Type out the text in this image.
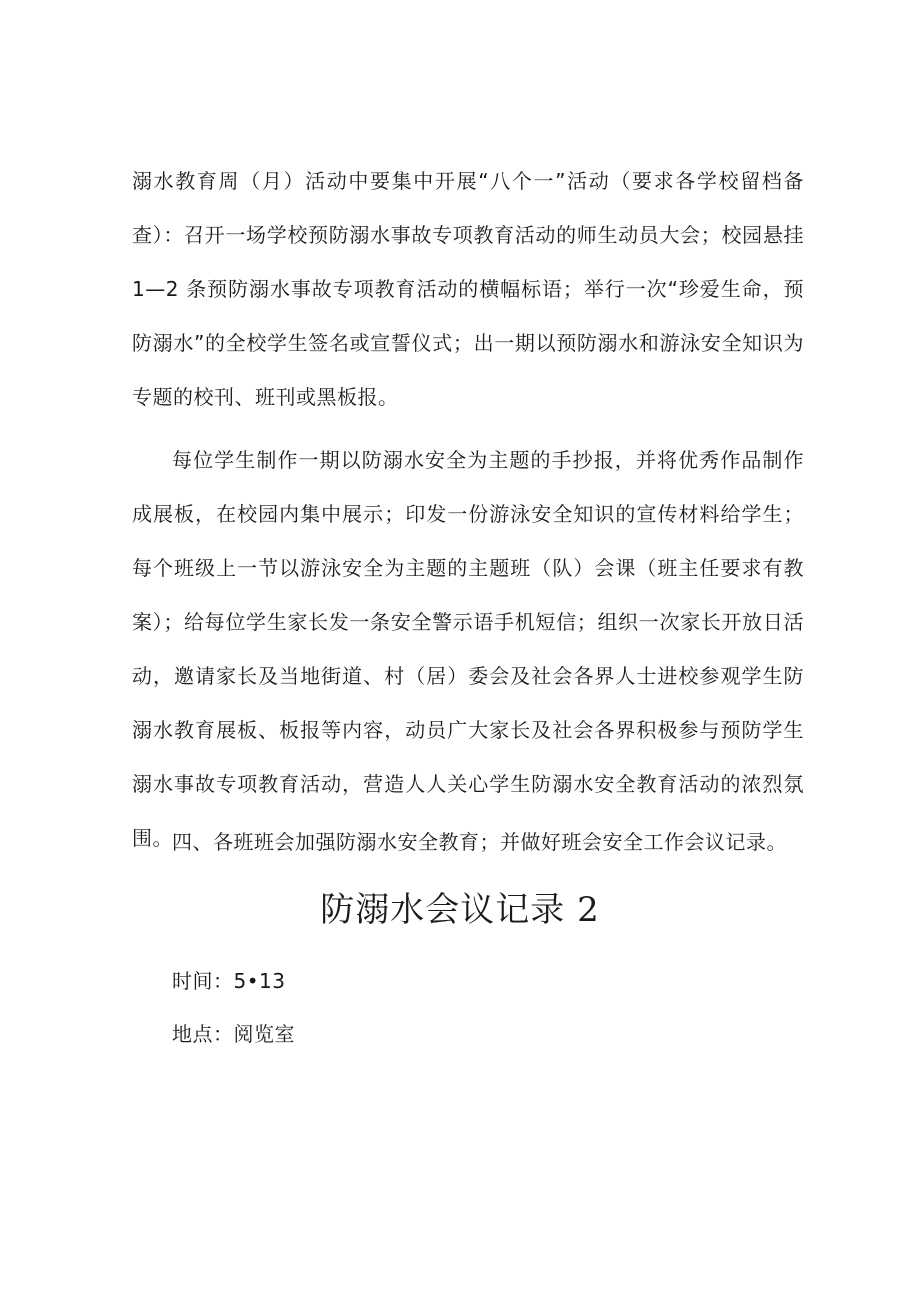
溺水教育周（月）活动中要集中开展“八个一”活动（要求各学校留档备查）：召开一场学校预防溺水事故专项教育活动的师生动员大会；校园悬挂 1—2 条预防溺水事故专项教育活动的横幅标语；举行一次“珍爱生命，预防溺水”的全校学生签名或宣誓仪式；出一期以预防溺水和游泳安全知识为专题的校刊、班刊或黑板报。

每位学生制作一期以防溺水安全为主题的手抄报，并将优秀作品制作成展板，在校园内集中展示；印发一份游泳安全知识的宣传材料给学生；每个班级上一节以游泳安全为主题的主题班（队）会课（班主任要求有教案）；给每位学生家长发一条安全警示语手机短信；组织一次家长开放日活动，邀请家长及当地街道、村（居）委会及社会各界人士进校参观学生防溺水教育展板、板报等内容，动员广大家长及社会各界积极参与预防学生溺水事故专项教育活动，营造人人关心学生防溺水安全教育活动的浓烈氛围。 四、各班班会加强防溺水安全教育；并做好班会安全工作会议记录。

防溺水会议记录 2

时间：5•13

地点：阅览室
